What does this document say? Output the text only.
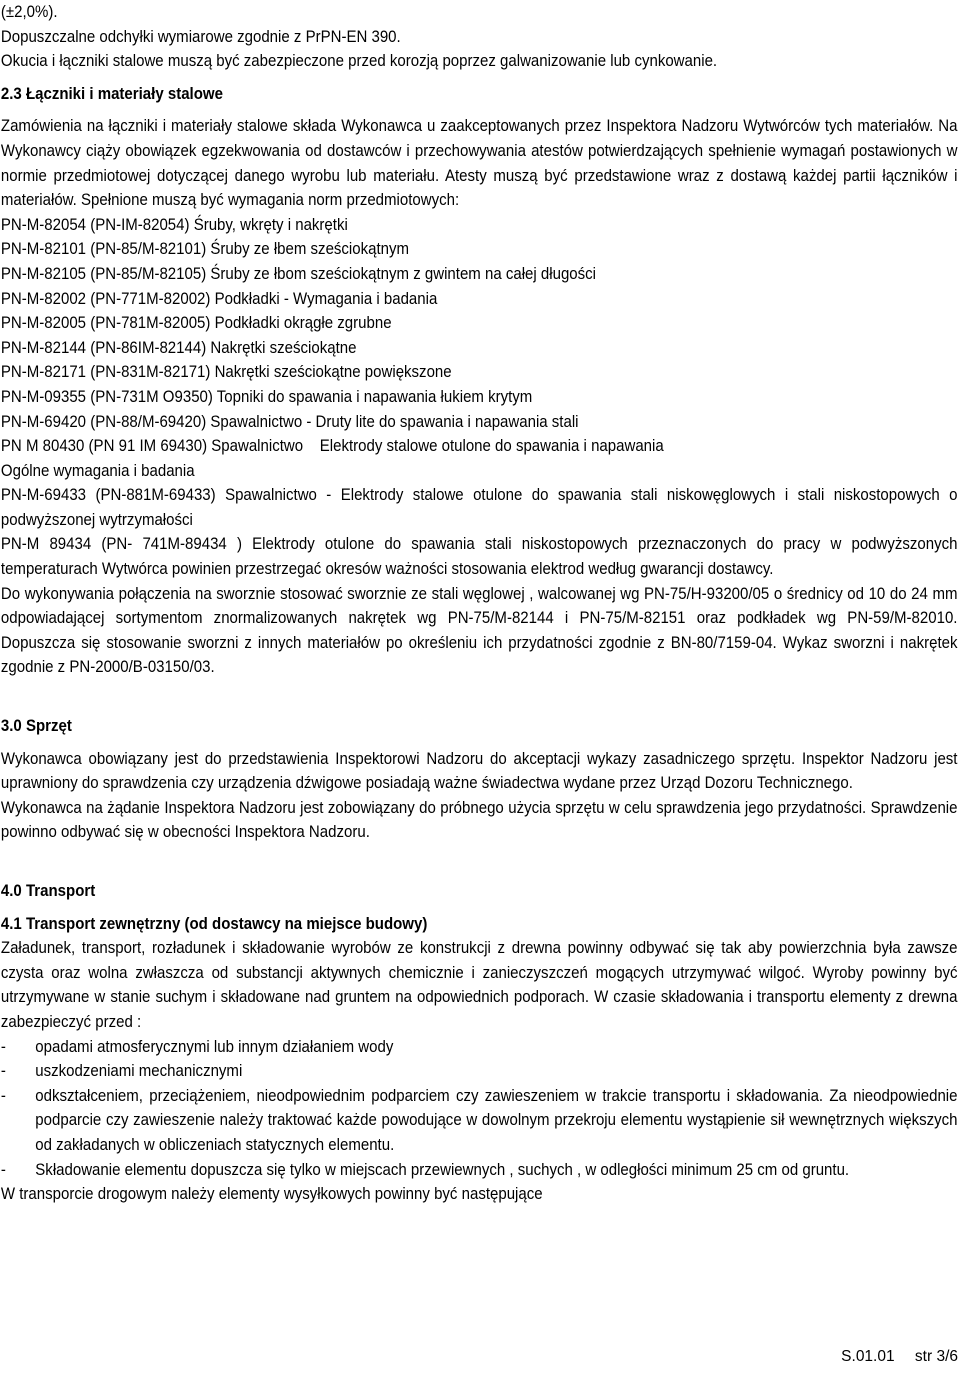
(±2,0%).

Dopuszczalne odchyłki wymiarowe zgodnie z PrPN-EN 390.

Okucia i łączniki stalowe muszą być zabezpieczone przed korozją poprzez galwanizowanie lub cynkowanie.

2.3 Łączniki i materiały stalowe

Zamówienia na łączniki i materiały stalowe składa Wykonawca u zaakceptowanych przez Inspektora Nadzoru Wytwórców tych materiałów. Na Wykonawcy ciąży obowiązek egzekwowania od dostawców i przechowywania atestów potwierdzających spełnienie wymagań postawionych w normie przedmiotowej dotyczącej danego wyrobu lub materiału. Atesty muszą być przedstawione wraz z dostawą każdej partii łączników i materiałów. Spełnione muszą być wymagania norm przedmiotowych:

PN-M-82054 (PN-IM-82054) Śruby, wkręty i nakrętki

PN-M-82101 (PN-85/M-82101) Śruby ze łbem sześciokątnym

PN-M-82105 (PN-85/M-82105) Śruby ze łbom sześciokątnym z gwintem na całej długości

PN-M-82002 (PN-771M-82002) Podkładki - Wymagania i badania

PN-M-82005 (PN-781M-82005) Podkładki okrągłe zgrubne

PN-M-82144 (PN-86IM-82144) Nakrętki sześciokątne

PN-M-82171 (PN-831M-82171) Nakrętki sześciokątne powiększone

PN-M-09355 (PN-731M O9350) Topniki do spawania i napawania łukiem krytym

PN-M-69420 (PN-88/M-69420) Spawalnictwo - Druty lite do spawania i napawania stali

PN M 80430 (PN 91 IM 69430) Spawalnictwo    Elektrody stalowe otulone do spawania i napawania

Ogólne wymagania i badania

PN-M-69433 (PN-881M-69433) Spawalnictwo - Elektrody stalowe otulone do spawania stali niskowęglowych i stali niskostopowych o podwyższonej wytrzymałości

PN-M 89434 (PN- 741M-89434 ) Elektrody otulone do spawania stali niskostopowych przeznaczonych do pracy w podwyższonych temperaturach Wytwórca powinien przestrzegać okresów ważności stosowania elektrod według gwarancji dostawcy.

Do wykonywania połączenia na sworznie stosować sworznie ze stali węglowej , walcowanej wg PN-75/H-93200/05 o średnicy od 10 do 24 mm odpowiadającej sortymentom znormalizowanych nakrętek wg PN-75/M-82144 i PN-75/M-82151 oraz podkładek wg PN-59/M-82010. Dopuszcza się stosowanie sworzni z innych materiałów po określeniu ich przydatności zgodnie z BN-80/7159-04. Wykaz sworzni i nakrętek zgodnie z PN-2000/B-03150/03.

3.0 Sprzęt

Wykonawca obowiązany jest do przedstawienia Inspektorowi Nadzoru do akceptacji wykazy zasadniczego sprzętu. Inspektor Nadzoru jest uprawniony do sprawdzenia czy urządzenia dźwigowe posiadają ważne świadectwa wydane przez Urząd Dozoru Technicznego.

Wykonawca na żądanie Inspektora Nadzoru jest zobowiązany do próbnego użycia sprzętu w celu sprawdzenia jego przydatności. Sprawdzenie powinno odbywać się w obecności Inspektora Nadzoru.

4.0 Transport

4.1 Transport zewnętrzny (od dostawcy na miejsce budowy)

Załadunek, transport, rozładunek i składowanie wyrobów ze konstrukcji z drewna powinny odbywać się tak aby powierzchnia była zawsze czysta oraz wolna zwłaszcza od substancji aktywnych chemicznie i zanieczyszczeń mogących utrzymywać wilgoć. Wyroby powinny być utrzymywane w stanie suchym i składowane nad gruntem na odpowiednich podporach. W czasie składowania i transportu elementy z drewna zabezpieczyć przed :

-	opadami atmosferycznymi lub innym działaniem wody
-	uszkodzeniami mechanicznymi
-	odkształceniem, przeciążeniem, nieodpowiednim podparciem czy zawieszeniem w trakcie transportu i składowania. Za nieodpowiednie podparcie czy zawieszenie należy traktować każde powodujące w dowolnym przekroju elementu wystąpienie sił wewnętrznych większych od zakładanych w obliczeniach statycznych elementu.
-	Składowanie elementu dopuszcza się tylko w miejscach przewiewnych , suchych , w odległości minimum 25 cm od gruntu.

W transporcie drogowym należy elementy wysyłkowych powinny być następujące

S.01.01 str 3/6
